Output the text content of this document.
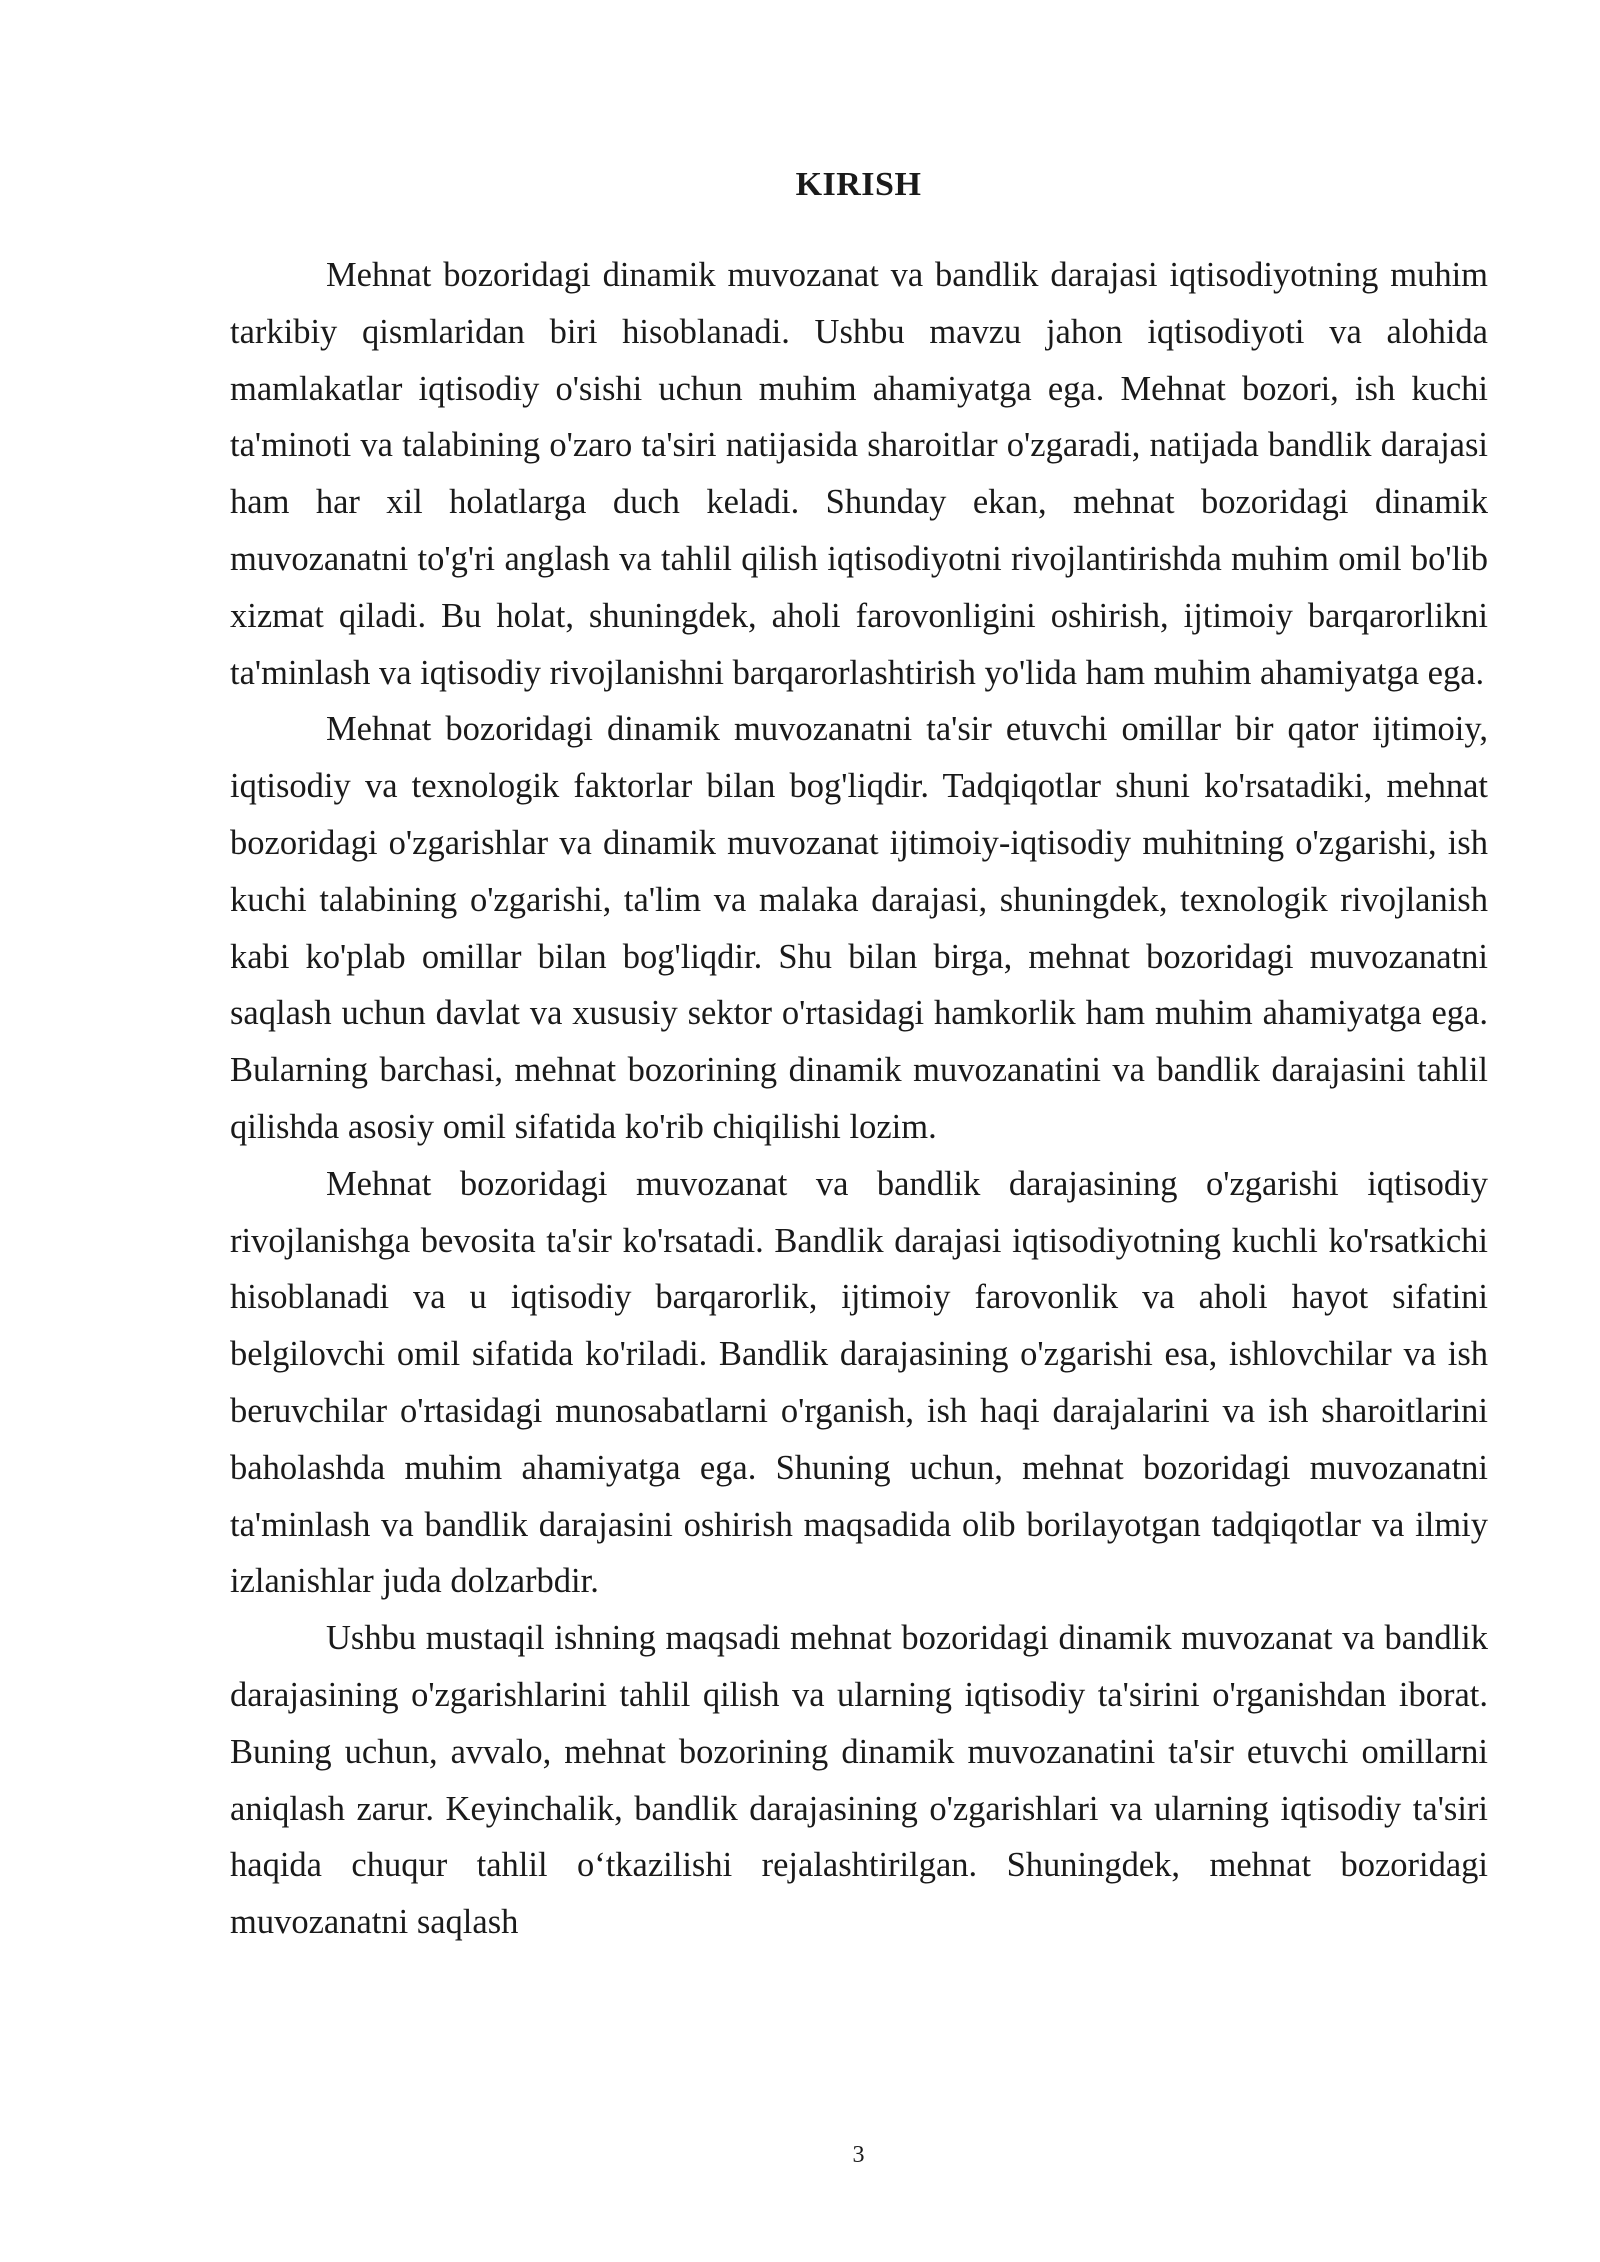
KIRISH

Mehnat bozoridagi dinamik muvozanat va bandlik darajasi iqtisodiyotning muhim tarkibiy qismlaridan biri hisoblanadi. Ushbu mavzu jahon iqtisodiyoti va alohida mamlakatlar iqtisodiy o'sishi uchun muhim ahamiyatga ega. Mehnat bozori, ish kuchi ta'minoti va talabining o'zaro ta'siri natijasida sharoitlar o'zgaradi, natijada bandlik darajasi ham har xil holatlarga duch keladi. Shunday ekan, mehnat bozoridagi dinamik muvozanatni to'g'ri anglash va tahlil qilish iqtisodiyotni rivojlantirishda muhim omil bo'lib xizmat qiladi. Bu holat, shuningdek, aholi farovonligini oshirish, ijtimoiy barqarorlikni ta'minlash va iqtisodiy rivojlanishni barqarorlashtirish yo'lida ham muhim ahamiyatga ega.

Mehnat bozoridagi dinamik muvozanatni ta'sir etuvchi omillar bir qator ijtimoiy, iqtisodiy va texnologik faktorlar bilan bog'liqdir. Tadqiqotlar shuni ko'rsatadiki, mehnat bozoridagi o'zgarishlar va dinamik muvozanat ijtimoiy-iqtisodiy muhitning o'zgarishi, ish kuchi talabining o'zgarishi, ta'lim va malaka darajasi, shuningdek, texnologik rivojlanish kabi ko'plab omillar bilan bog'liqdir. Shu bilan birga, mehnat bozoridagi muvozanatni saqlash uchun davlat va xususiy sektor o'rtasidagi hamkorlik ham muhim ahamiyatga ega. Bularning barchasi, mehnat bozorining dinamik muvozanatini va bandlik darajasini tahlil qilishda asosiy omil sifatida ko'rib chiqilishi lozim.

Mehnat bozoridagi muvozanat va bandlik darajasining o'zgarishi iqtisodiy rivojlanishga bevosita ta'sir ko'rsatadi. Bandlik darajasi iqtisodiyotning kuchli ko'rsatkichi hisoblanadi va u iqtisodiy barqarorlik, ijtimoiy farovonlik va aholi hayot sifatini belgilovchi omil sifatida ko'riladi. Bandlik darajasining o'zgarishi esa, ishlovchilar va ish beruvchilar o'rtasidagi munosabatlarni o'rganish, ish haqi darajalarini va ish sharoitlarini baholashda muhim ahamiyatga ega. Shuning uchun, mehnat bozoridagi muvozanatni ta'minlash va bandlik darajasini oshirish maqsadida olib borilayotgan tadqiqotlar va ilmiy izlanishlar juda dolzarbdir.

Ushbu mustaqil ishning maqsadi mehnat bozoridagi dinamik muvozanat va bandlik darajasining o'zgarishlarini tahlil qilish va ularning iqtisodiy ta'sirini o'rganishdan iborat. Buning uchun, avvalo, mehnat bozorining dinamik muvozanatini ta'sir etuvchi omillarni aniqlash zarur. Keyinchalik, bandlik darajasining o'zgarishlari va ularning iqtisodiy ta'siri haqida chuqur tahlil o‘tkazilishi rejalashtirilgan. Shuningdek, mehnat bozoridagi muvozanatni saqlash

3
